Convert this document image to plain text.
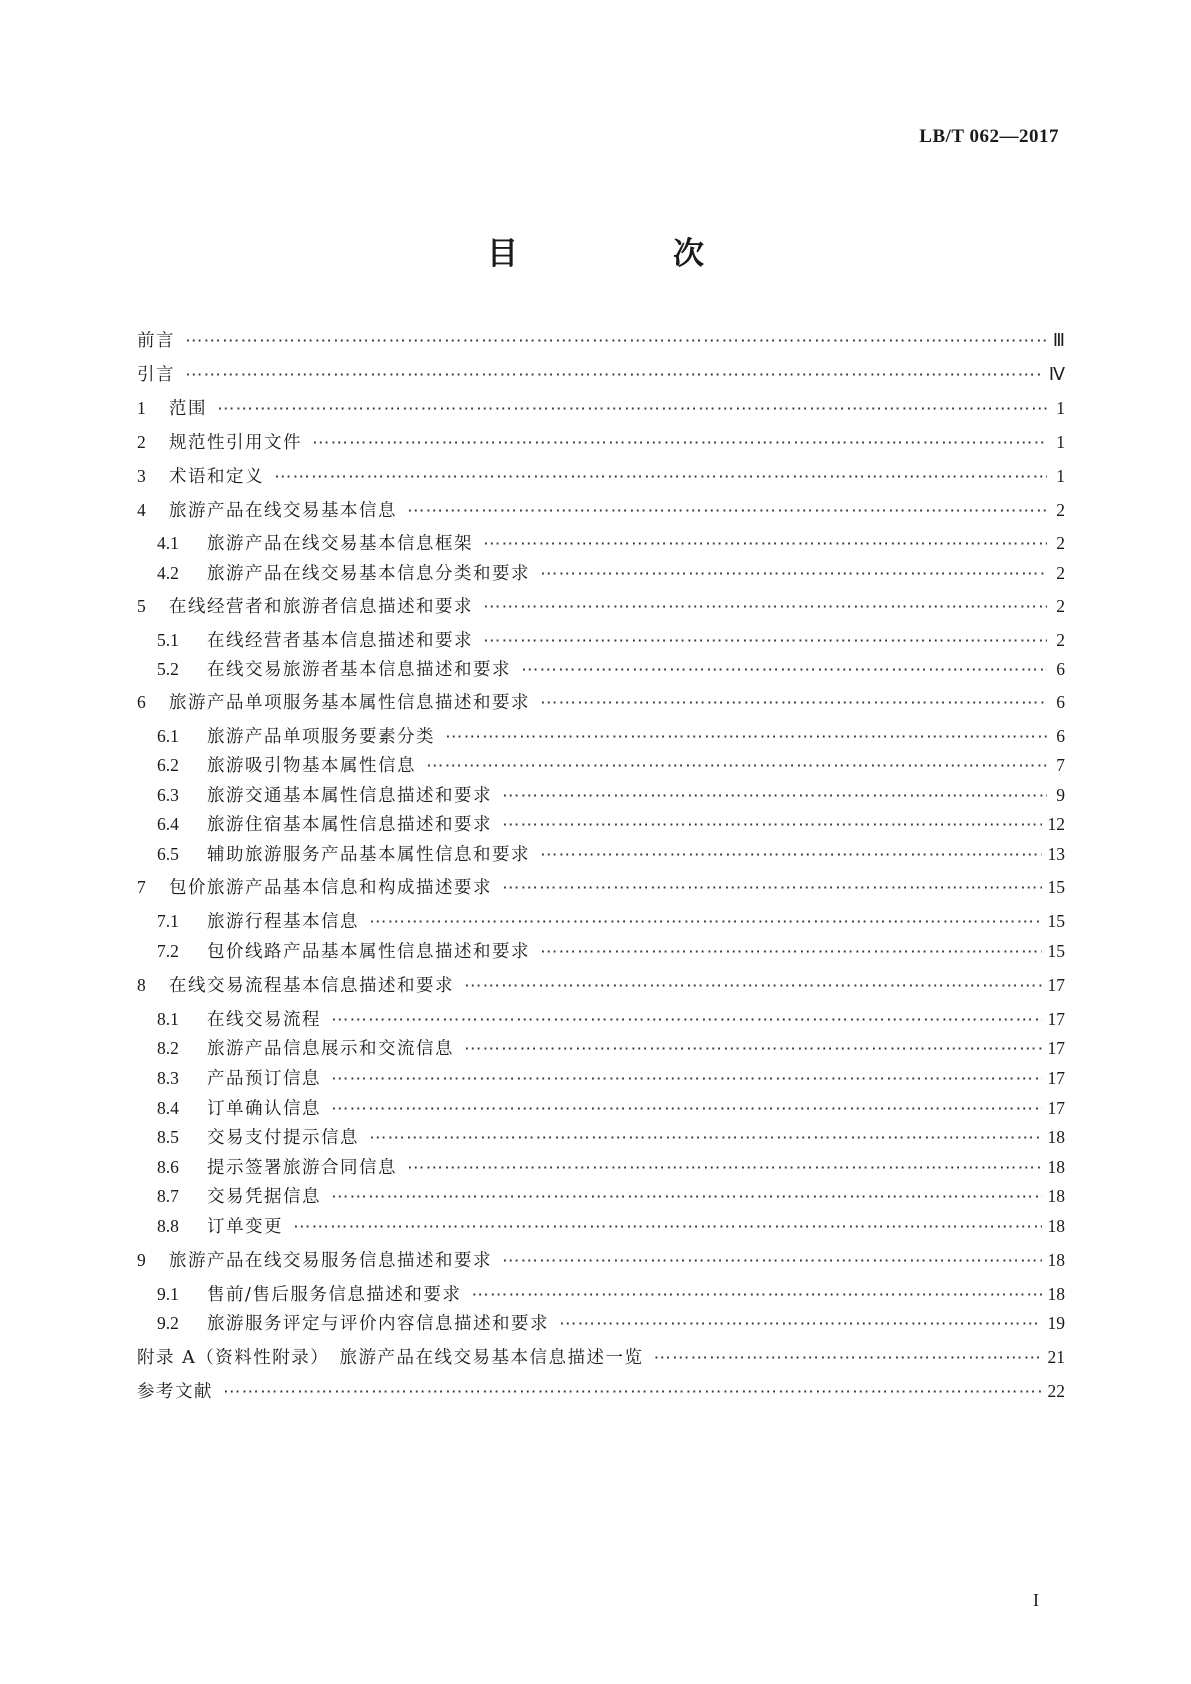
LB/T 062—2017
目　次
前言 ⋯⋯⋯⋯⋯⋯⋯⋯⋯⋯⋯⋯⋯⋯⋯⋯⋯⋯⋯⋯⋯⋯⋯⋯⋯⋯⋯⋯⋯⋯⋯⋯⋯⋯⋯⋯⋯⋯⋯⋯⋯⋯⋯⋯⋯⋯⋯⋯⋯⋯⋯⋯⋯⋯⋯⋯⋯⋯⋯⋯⋯⋯	Ⅲ
引言 ⋯⋯⋯⋯⋯⋯⋯⋯⋯⋯⋯⋯⋯⋯⋯⋯⋯⋯⋯⋯⋯⋯⋯⋯⋯⋯⋯⋯⋯⋯⋯⋯⋯⋯⋯⋯⋯⋯⋯⋯⋯⋯⋯⋯⋯⋯⋯⋯⋯⋯⋯⋯⋯⋯⋯⋯⋯⋯⋯⋯⋯⋯	Ⅳ
1	范围 ⋯⋯⋯⋯⋯⋯⋯⋯⋯⋯⋯⋯⋯⋯⋯⋯⋯⋯⋯⋯⋯⋯⋯⋯⋯⋯⋯⋯⋯⋯⋯⋯⋯⋯⋯⋯⋯⋯⋯⋯⋯⋯⋯⋯⋯⋯⋯⋯⋯⋯⋯⋯⋯⋯⋯⋯⋯⋯⋯⋯⋯⋯	1
2	规范性引用文件 ⋯⋯⋯⋯⋯⋯⋯⋯⋯⋯⋯⋯⋯⋯⋯⋯⋯⋯⋯⋯⋯⋯⋯⋯⋯⋯⋯⋯⋯⋯⋯⋯⋯⋯⋯⋯⋯⋯⋯⋯⋯⋯⋯⋯⋯⋯⋯⋯⋯⋯⋯⋯⋯⋯⋯⋯⋯⋯⋯⋯⋯⋯	1
3	术语和定义 ⋯⋯⋯⋯⋯⋯⋯⋯⋯⋯⋯⋯⋯⋯⋯⋯⋯⋯⋯⋯⋯⋯⋯⋯⋯⋯⋯⋯⋯⋯⋯⋯⋯⋯⋯⋯⋯⋯⋯⋯⋯⋯⋯⋯⋯⋯⋯⋯⋯⋯⋯⋯⋯⋯⋯⋯⋯⋯⋯⋯⋯⋯	1
4	旅游产品在线交易基本信息 ⋯⋯⋯⋯⋯⋯⋯⋯⋯⋯⋯⋯⋯⋯⋯⋯⋯⋯⋯⋯⋯⋯⋯⋯⋯⋯⋯⋯⋯⋯⋯⋯⋯⋯⋯⋯⋯⋯⋯⋯⋯⋯⋯⋯⋯⋯⋯⋯⋯⋯⋯⋯⋯⋯⋯⋯⋯⋯⋯⋯⋯⋯	2
4.1	旅游产品在线交易基本信息框架 ⋯⋯⋯⋯⋯⋯⋯⋯⋯⋯⋯⋯⋯⋯⋯⋯⋯⋯⋯⋯⋯⋯⋯⋯⋯⋯⋯⋯⋯⋯⋯⋯⋯⋯⋯⋯⋯⋯⋯⋯⋯⋯⋯⋯⋯⋯⋯⋯⋯⋯⋯⋯⋯⋯⋯⋯⋯⋯⋯⋯⋯⋯	2
4.2	旅游产品在线交易基本信息分类和要求 ⋯⋯⋯⋯⋯⋯⋯⋯⋯⋯⋯⋯⋯⋯⋯⋯⋯⋯⋯⋯⋯⋯⋯⋯⋯⋯⋯⋯⋯⋯⋯⋯⋯⋯⋯⋯⋯⋯⋯⋯⋯⋯⋯⋯⋯⋯⋯⋯⋯⋯⋯⋯⋯⋯⋯⋯⋯⋯⋯⋯⋯⋯	2
5	在线经营者和旅游者信息描述和要求 ⋯⋯⋯⋯⋯⋯⋯⋯⋯⋯⋯⋯⋯⋯⋯⋯⋯⋯⋯⋯⋯⋯⋯⋯⋯⋯⋯⋯⋯⋯⋯⋯⋯⋯⋯⋯⋯⋯⋯⋯⋯⋯⋯⋯⋯⋯⋯⋯⋯⋯⋯⋯⋯⋯⋯⋯⋯⋯⋯⋯⋯⋯	2
5.1	在线经营者基本信息描述和要求 ⋯⋯⋯⋯⋯⋯⋯⋯⋯⋯⋯⋯⋯⋯⋯⋯⋯⋯⋯⋯⋯⋯⋯⋯⋯⋯⋯⋯⋯⋯⋯⋯⋯⋯⋯⋯⋯⋯⋯⋯⋯⋯⋯⋯⋯⋯⋯⋯⋯⋯⋯⋯⋯⋯⋯⋯⋯⋯⋯⋯⋯⋯	2
5.2	在线交易旅游者基本信息描述和要求 ⋯⋯⋯⋯⋯⋯⋯⋯⋯⋯⋯⋯⋯⋯⋯⋯⋯⋯⋯⋯⋯⋯⋯⋯⋯⋯⋯⋯⋯⋯⋯⋯⋯⋯⋯⋯⋯⋯⋯⋯⋯⋯⋯⋯⋯⋯⋯⋯⋯⋯⋯⋯⋯⋯⋯⋯⋯⋯⋯⋯⋯⋯	6
6	旅游产品单项服务基本属性信息描述和要求 ⋯⋯⋯⋯⋯⋯⋯⋯⋯⋯⋯⋯⋯⋯⋯⋯⋯⋯⋯⋯⋯⋯⋯⋯⋯⋯⋯⋯⋯⋯⋯⋯⋯⋯⋯⋯⋯⋯⋯⋯⋯⋯⋯⋯⋯⋯⋯⋯⋯⋯⋯⋯⋯⋯⋯⋯⋯⋯⋯⋯⋯⋯	6
6.1	旅游产品单项服务要素分类 ⋯⋯⋯⋯⋯⋯⋯⋯⋯⋯⋯⋯⋯⋯⋯⋯⋯⋯⋯⋯⋯⋯⋯⋯⋯⋯⋯⋯⋯⋯⋯⋯⋯⋯⋯⋯⋯⋯⋯⋯⋯⋯⋯⋯⋯⋯⋯⋯⋯⋯⋯⋯⋯⋯⋯⋯⋯⋯⋯⋯⋯⋯	6
6.2	旅游吸引物基本属性信息 ⋯⋯⋯⋯⋯⋯⋯⋯⋯⋯⋯⋯⋯⋯⋯⋯⋯⋯⋯⋯⋯⋯⋯⋯⋯⋯⋯⋯⋯⋯⋯⋯⋯⋯⋯⋯⋯⋯⋯⋯⋯⋯⋯⋯⋯⋯⋯⋯⋯⋯⋯⋯⋯⋯⋯⋯⋯⋯⋯⋯⋯⋯	7
6.3	旅游交通基本属性信息描述和要求 ⋯⋯⋯⋯⋯⋯⋯⋯⋯⋯⋯⋯⋯⋯⋯⋯⋯⋯⋯⋯⋯⋯⋯⋯⋯⋯⋯⋯⋯⋯⋯⋯⋯⋯⋯⋯⋯⋯⋯⋯⋯⋯⋯⋯⋯⋯⋯⋯⋯⋯⋯⋯⋯⋯⋯⋯⋯⋯⋯⋯⋯⋯	9
6.4	旅游住宿基本属性信息描述和要求 ⋯⋯⋯⋯⋯⋯⋯⋯⋯⋯⋯⋯⋯⋯⋯⋯⋯⋯⋯⋯⋯⋯⋯⋯⋯⋯⋯⋯⋯⋯⋯⋯⋯⋯⋯⋯⋯⋯⋯⋯⋯⋯⋯⋯⋯⋯⋯⋯⋯⋯⋯⋯⋯⋯⋯⋯⋯⋯⋯⋯⋯⋯	12
6.5	辅助旅游服务产品基本属性信息和要求 ⋯⋯⋯⋯⋯⋯⋯⋯⋯⋯⋯⋯⋯⋯⋯⋯⋯⋯⋯⋯⋯⋯⋯⋯⋯⋯⋯⋯⋯⋯⋯⋯⋯⋯⋯⋯⋯⋯⋯⋯⋯⋯⋯⋯⋯⋯⋯⋯⋯⋯⋯⋯⋯⋯⋯⋯⋯⋯⋯⋯⋯⋯	13
7	包价旅游产品基本信息和构成描述要求 ⋯⋯⋯⋯⋯⋯⋯⋯⋯⋯⋯⋯⋯⋯⋯⋯⋯⋯⋯⋯⋯⋯⋯⋯⋯⋯⋯⋯⋯⋯⋯⋯⋯⋯⋯⋯⋯⋯⋯⋯⋯⋯⋯⋯⋯⋯⋯⋯⋯⋯⋯⋯⋯⋯⋯⋯⋯⋯⋯⋯⋯⋯	15
7.1	旅游行程基本信息 ⋯⋯⋯⋯⋯⋯⋯⋯⋯⋯⋯⋯⋯⋯⋯⋯⋯⋯⋯⋯⋯⋯⋯⋯⋯⋯⋯⋯⋯⋯⋯⋯⋯⋯⋯⋯⋯⋯⋯⋯⋯⋯⋯⋯⋯⋯⋯⋯⋯⋯⋯⋯⋯⋯⋯⋯⋯⋯⋯⋯⋯⋯	15
7.2	包价线路产品基本属性信息描述和要求 ⋯⋯⋯⋯⋯⋯⋯⋯⋯⋯⋯⋯⋯⋯⋯⋯⋯⋯⋯⋯⋯⋯⋯⋯⋯⋯⋯⋯⋯⋯⋯⋯⋯⋯⋯⋯⋯⋯⋯⋯⋯⋯⋯⋯⋯⋯⋯⋯⋯⋯⋯⋯⋯⋯⋯⋯⋯⋯⋯⋯⋯⋯	15
8	在线交易流程基本信息描述和要求 ⋯⋯⋯⋯⋯⋯⋯⋯⋯⋯⋯⋯⋯⋯⋯⋯⋯⋯⋯⋯⋯⋯⋯⋯⋯⋯⋯⋯⋯⋯⋯⋯⋯⋯⋯⋯⋯⋯⋯⋯⋯⋯⋯⋯⋯⋯⋯⋯⋯⋯⋯⋯⋯⋯⋯⋯⋯⋯⋯⋯⋯⋯	17
8.1	在线交易流程 ⋯⋯⋯⋯⋯⋯⋯⋯⋯⋯⋯⋯⋯⋯⋯⋯⋯⋯⋯⋯⋯⋯⋯⋯⋯⋯⋯⋯⋯⋯⋯⋯⋯⋯⋯⋯⋯⋯⋯⋯⋯⋯⋯⋯⋯⋯⋯⋯⋯⋯⋯⋯⋯⋯⋯⋯⋯⋯⋯⋯⋯⋯	17
8.2	旅游产品信息展示和交流信息 ⋯⋯⋯⋯⋯⋯⋯⋯⋯⋯⋯⋯⋯⋯⋯⋯⋯⋯⋯⋯⋯⋯⋯⋯⋯⋯⋯⋯⋯⋯⋯⋯⋯⋯⋯⋯⋯⋯⋯⋯⋯⋯⋯⋯⋯⋯⋯⋯⋯⋯⋯⋯⋯⋯⋯⋯⋯⋯⋯⋯⋯⋯	17
8.3	产品预订信息 ⋯⋯⋯⋯⋯⋯⋯⋯⋯⋯⋯⋯⋯⋯⋯⋯⋯⋯⋯⋯⋯⋯⋯⋯⋯⋯⋯⋯⋯⋯⋯⋯⋯⋯⋯⋯⋯⋯⋯⋯⋯⋯⋯⋯⋯⋯⋯⋯⋯⋯⋯⋯⋯⋯⋯⋯⋯⋯⋯⋯⋯⋯	17
8.4	订单确认信息 ⋯⋯⋯⋯⋯⋯⋯⋯⋯⋯⋯⋯⋯⋯⋯⋯⋯⋯⋯⋯⋯⋯⋯⋯⋯⋯⋯⋯⋯⋯⋯⋯⋯⋯⋯⋯⋯⋯⋯⋯⋯⋯⋯⋯⋯⋯⋯⋯⋯⋯⋯⋯⋯⋯⋯⋯⋯⋯⋯⋯⋯⋯	17
8.5	交易支付提示信息 ⋯⋯⋯⋯⋯⋯⋯⋯⋯⋯⋯⋯⋯⋯⋯⋯⋯⋯⋯⋯⋯⋯⋯⋯⋯⋯⋯⋯⋯⋯⋯⋯⋯⋯⋯⋯⋯⋯⋯⋯⋯⋯⋯⋯⋯⋯⋯⋯⋯⋯⋯⋯⋯⋯⋯⋯⋯⋯⋯⋯⋯⋯	18
8.6	提示签署旅游合同信息 ⋯⋯⋯⋯⋯⋯⋯⋯⋯⋯⋯⋯⋯⋯⋯⋯⋯⋯⋯⋯⋯⋯⋯⋯⋯⋯⋯⋯⋯⋯⋯⋯⋯⋯⋯⋯⋯⋯⋯⋯⋯⋯⋯⋯⋯⋯⋯⋯⋯⋯⋯⋯⋯⋯⋯⋯⋯⋯⋯⋯⋯⋯	18
8.7	交易凭据信息 ⋯⋯⋯⋯⋯⋯⋯⋯⋯⋯⋯⋯⋯⋯⋯⋯⋯⋯⋯⋯⋯⋯⋯⋯⋯⋯⋯⋯⋯⋯⋯⋯⋯⋯⋯⋯⋯⋯⋯⋯⋯⋯⋯⋯⋯⋯⋯⋯⋯⋯⋯⋯⋯⋯⋯⋯⋯⋯⋯⋯⋯⋯	18
8.8	订单变更 ⋯⋯⋯⋯⋯⋯⋯⋯⋯⋯⋯⋯⋯⋯⋯⋯⋯⋯⋯⋯⋯⋯⋯⋯⋯⋯⋯⋯⋯⋯⋯⋯⋯⋯⋯⋯⋯⋯⋯⋯⋯⋯⋯⋯⋯⋯⋯⋯⋯⋯⋯⋯⋯⋯⋯⋯⋯⋯⋯⋯⋯⋯	18
9	旅游产品在线交易服务信息描述和要求 ⋯⋯⋯⋯⋯⋯⋯⋯⋯⋯⋯⋯⋯⋯⋯⋯⋯⋯⋯⋯⋯⋯⋯⋯⋯⋯⋯⋯⋯⋯⋯⋯⋯⋯⋯⋯⋯⋯⋯⋯⋯⋯⋯⋯⋯⋯⋯⋯⋯⋯⋯⋯⋯⋯⋯⋯⋯⋯⋯⋯⋯⋯	18
9.1	售前/售后服务信息描述和要求 ⋯⋯⋯⋯⋯⋯⋯⋯⋯⋯⋯⋯⋯⋯⋯⋯⋯⋯⋯⋯⋯⋯⋯⋯⋯⋯⋯⋯⋯⋯⋯⋯⋯⋯⋯⋯⋯⋯⋯⋯⋯⋯⋯⋯⋯⋯⋯⋯⋯⋯⋯⋯⋯⋯⋯⋯⋯⋯⋯⋯⋯⋯	18
9.2	旅游服务评定与评价内容信息描述和要求 ⋯⋯⋯⋯⋯⋯⋯⋯⋯⋯⋯⋯⋯⋯⋯⋯⋯⋯⋯⋯⋯⋯⋯⋯⋯⋯⋯⋯⋯⋯⋯⋯⋯⋯⋯⋯⋯⋯⋯⋯⋯⋯⋯⋯⋯⋯⋯⋯⋯⋯⋯⋯⋯⋯⋯⋯⋯⋯⋯⋯⋯⋯	19
附录 A（资料性附录）　旅游产品在线交易基本信息描述一览 ⋯⋯⋯⋯⋯⋯⋯⋯⋯⋯⋯⋯⋯⋯⋯⋯⋯⋯⋯⋯⋯⋯⋯⋯⋯⋯⋯⋯⋯⋯⋯⋯⋯⋯⋯⋯⋯⋯⋯⋯⋯⋯⋯⋯⋯⋯⋯⋯⋯⋯⋯⋯⋯⋯⋯⋯⋯⋯⋯⋯⋯⋯	21
参考文献 ⋯⋯⋯⋯⋯⋯⋯⋯⋯⋯⋯⋯⋯⋯⋯⋯⋯⋯⋯⋯⋯⋯⋯⋯⋯⋯⋯⋯⋯⋯⋯⋯⋯⋯⋯⋯⋯⋯⋯⋯⋯⋯⋯⋯⋯⋯⋯⋯⋯⋯⋯⋯⋯⋯⋯⋯⋯⋯⋯⋯⋯⋯	22
I
